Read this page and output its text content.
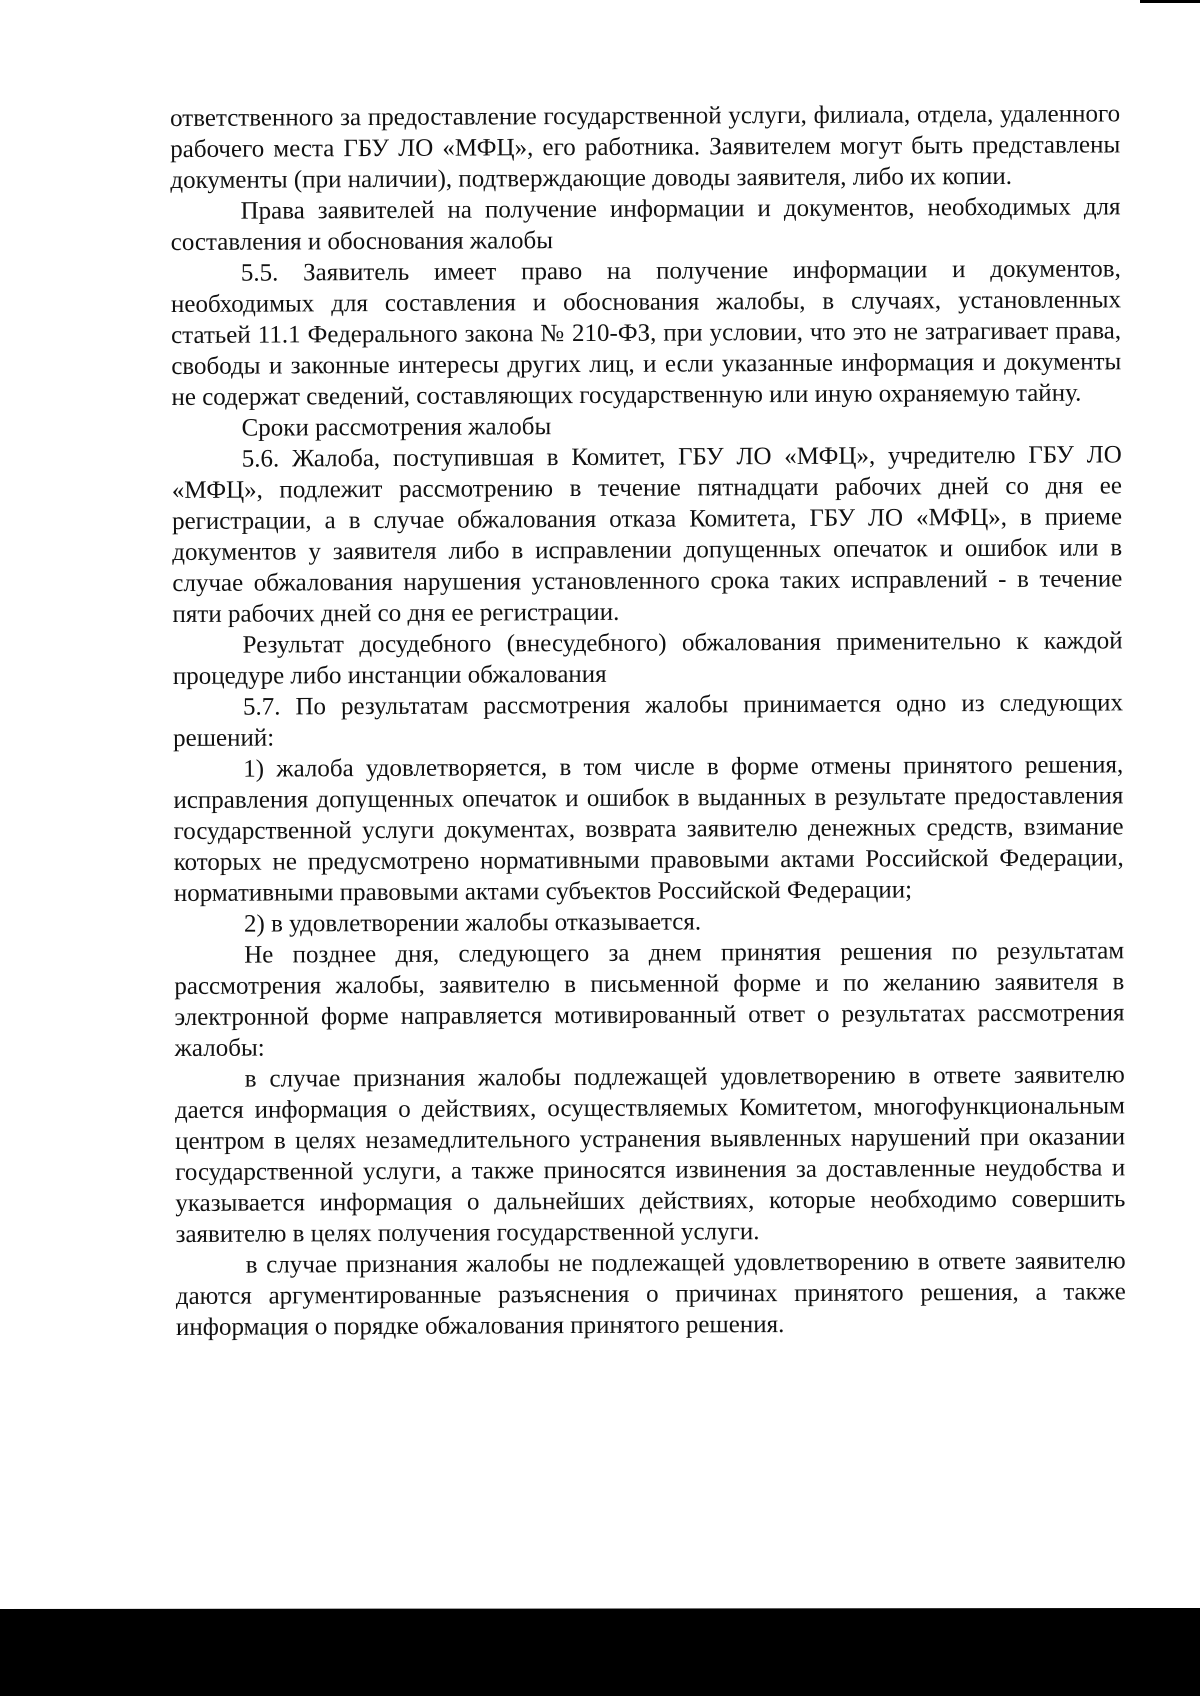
ответственного за предоставление государственной услуги, филиала, отдела, удаленного рабочего места ГБУ ЛО «МФЦ», его работника. Заявителем могут быть представлены документы (при наличии), подтверждающие доводы заявителя, либо их копии.

Права заявителей на получение информации и документов, необходимых для составления и обоснования жалобы

5.5. Заявитель имеет право на получение информации и документов, необходимых для составления и обоснования жалобы, в случаях, установленных статьей 11.1 Федерального закона № 210-ФЗ, при условии, что это не затрагивает права, свободы и законные интересы других лиц, и если указанные информация и документы не содержат сведений, составляющих государственную или иную охраняемую тайну.

Сроки рассмотрения жалобы

5.6. Жалоба, поступившая в Комитет, ГБУ ЛО «МФЦ», учредителю ГБУ ЛО «МФЦ», подлежит рассмотрению в течение пятнадцати рабочих дней со дня ее регистрации, а в случае обжалования отказа Комитета, ГБУ ЛО «МФЦ», в приеме документов у заявителя либо в исправлении допущенных опечаток и ошибок или в случае обжалования нарушения установленного срока таких исправлений - в течение пяти рабочих дней со дня ее регистрации.

Результат досудебного (внесудебного) обжалования применительно к каждой процедуре либо инстанции обжалования

5.7. По результатам рассмотрения жалобы принимается одно из следующих решений:

1) жалоба удовлетворяется, в том числе в форме отмены принятого решения, исправления допущенных опечаток и ошибок в выданных в результате предоставления государственной услуги документах, возврата заявителю денежных средств, взимание которых не предусмотрено нормативными правовыми актами Российской Федерации, нормативными правовыми актами субъектов Российской Федерации;

2) в удовлетворении жалобы отказывается.

Не позднее дня, следующего за днем принятия решения по результатам рассмотрения жалобы, заявителю в письменной форме и по желанию заявителя в электронной форме направляется мотивированный ответ о результатах рассмотрения жалобы:

в случае признания жалобы подлежащей удовлетворению в ответе заявителю дается информация о действиях, осуществляемых Комитетом, многофункциональным центром в целях незамедлительного устранения выявленных нарушений при оказании государственной услуги, а также приносятся извинения за доставленные неудобства и указывается информация о дальнейших действиях, которые необходимо совершить заявителю в целях получения государственной услуги.

в случае признания жалобы не подлежащей удовлетворению в ответе заявителю даются аргументированные разъяснения о причинах принятого решения, а также информация о порядке обжалования принятого решения.
